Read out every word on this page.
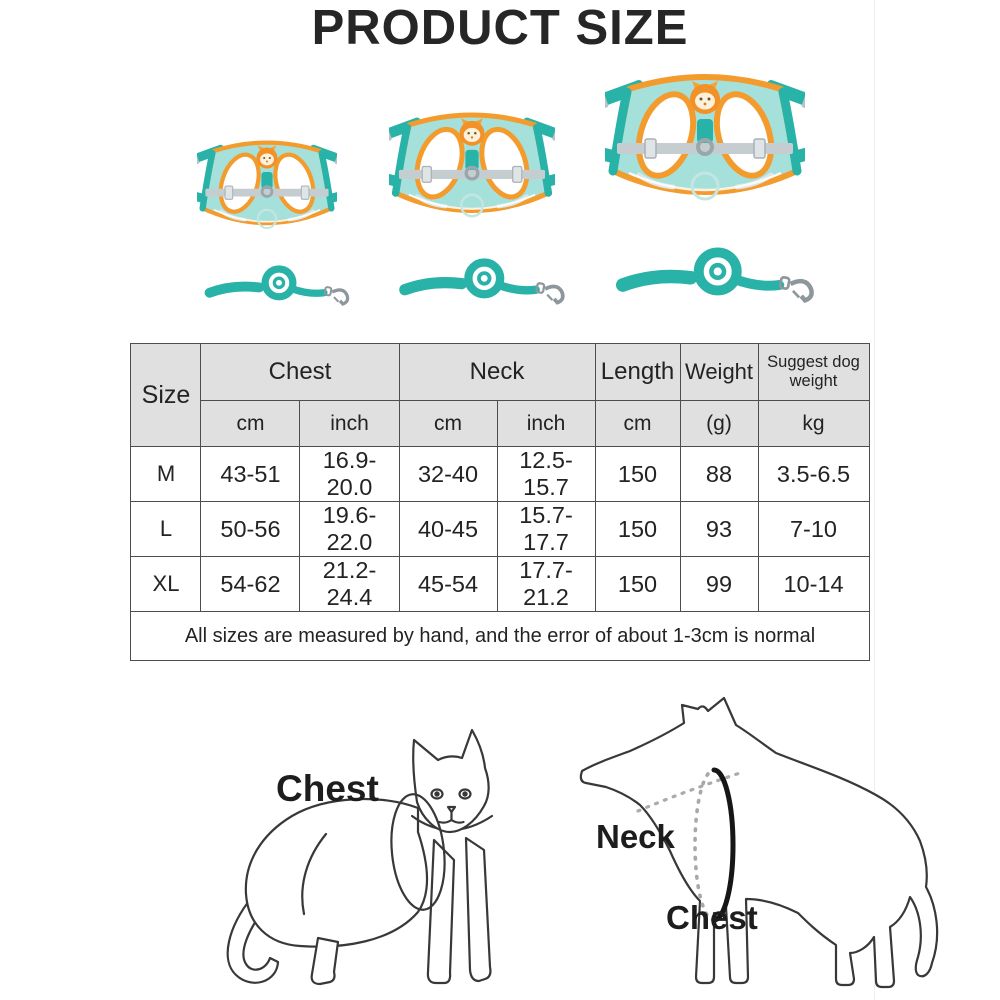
PRODUCT SIZE
Size	Chest		Neck		Length	Weight	Suggest dog weight
	cm	inch	cm	inch	cm	(g)	kg
M	43-51	16.9-20.0	32-40	12.5-15.7	150	88	3.5-6.5
L	50-56	19.6-22.0	40-45	15.7-17.7	150	93	7-10
XL	54-62	21.2-24.4	45-54	17.7-21.2	150	99	10-14
All sizes are measured by hand, and the error of about 1-3cm is normal							
Chest
Neck
Chest
